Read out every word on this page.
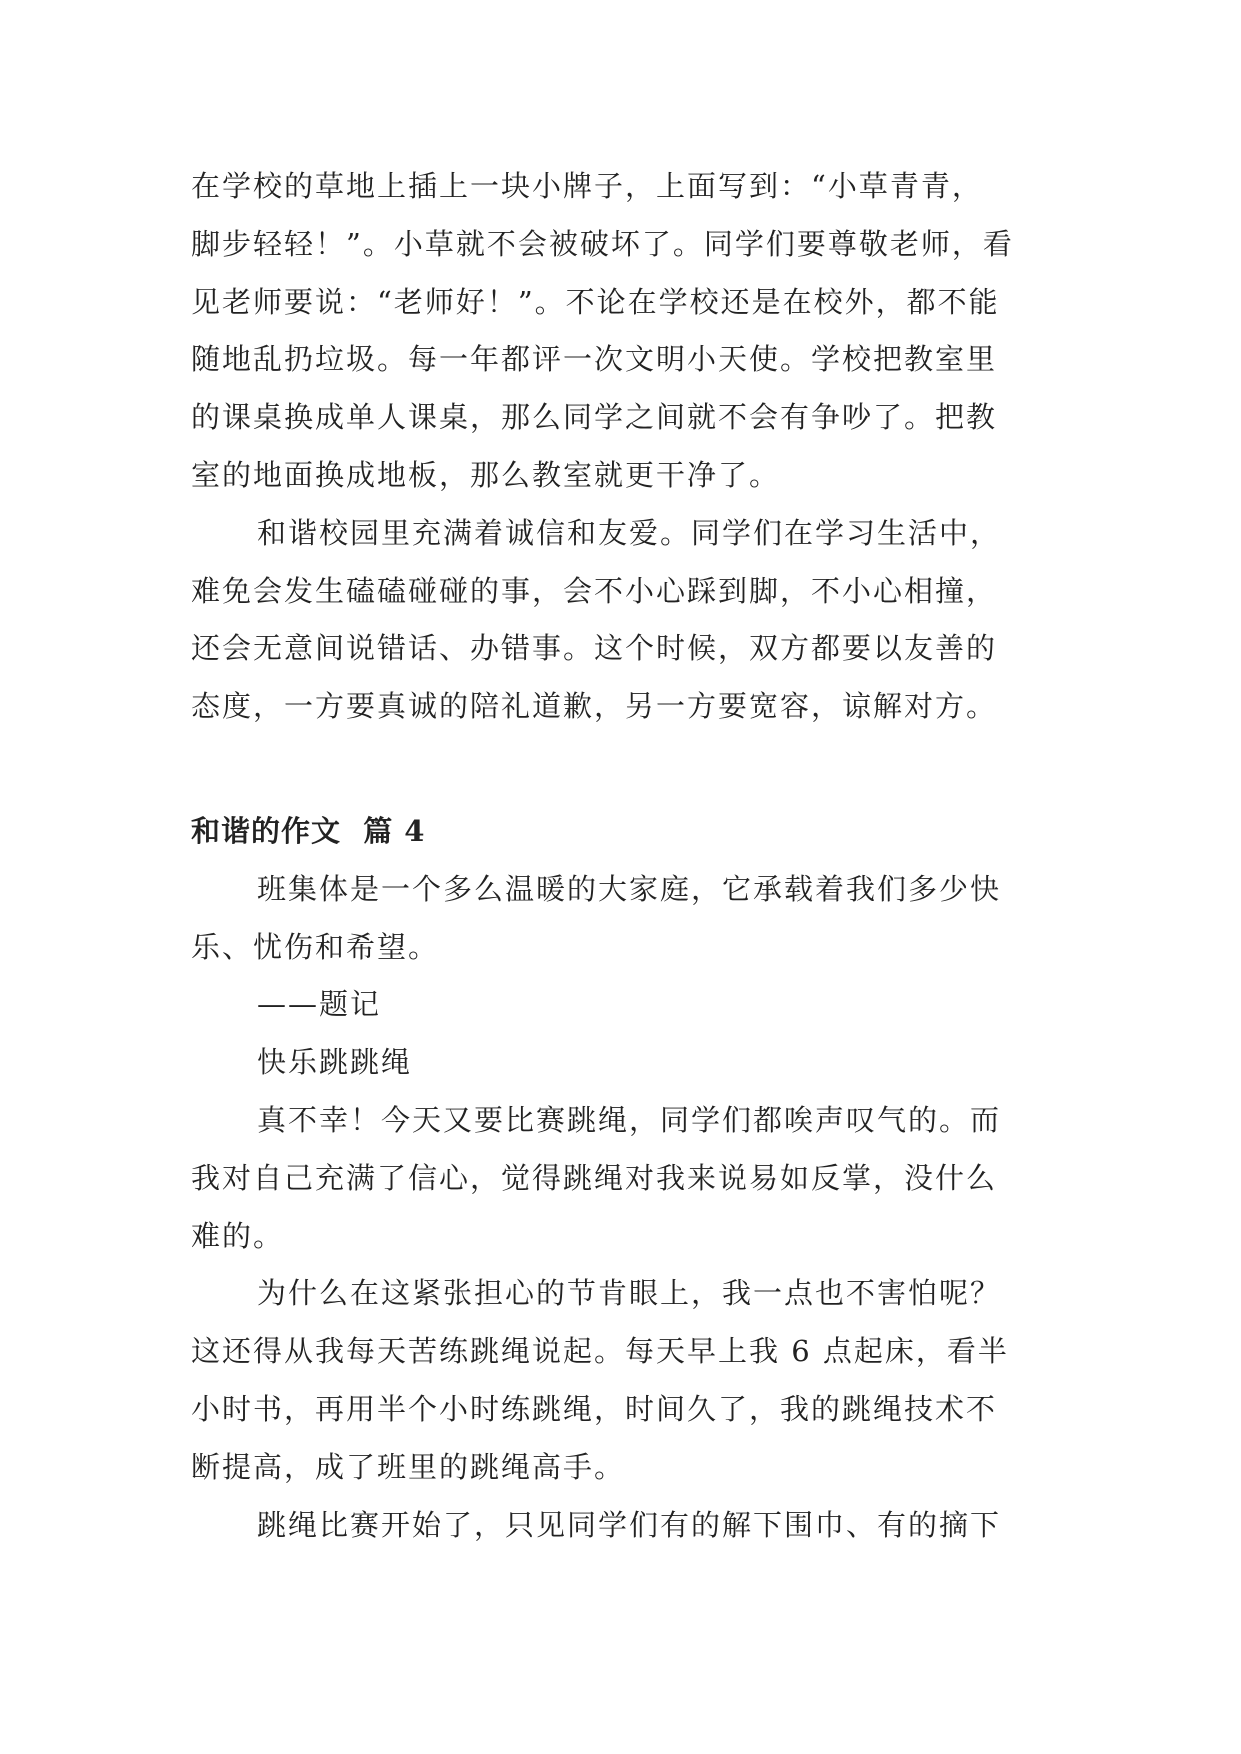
在学校的草地上插上一块小牌子，上面写到：“小草青青，

脚步轻轻！”。小草就不会被破坏了。同学们要尊敬老师，看

见老师要说：“老师好！”。不论在学校还是在校外，都不能

随地乱扔垃圾。每一年都评一次文明小天使。学校把教室里

的课桌换成单人课桌，那么同学之间就不会有争吵了。把教

室的地面换成地板，那么教室就更干净了。

和谐校园里充满着诚信和友爱。同学们在学习生活中，

难免会发生磕磕碰碰的事，会不小心踩到脚，不小心相撞，

还会无意间说错话、办错事。这个时候，双方都要以友善的

态度，一方要真诚的陪礼道歉，另一方要宽容，谅解对方。

和谐的作文  篇 4

班集体是一个多么温暖的大家庭，它承载着我们多少快

乐、忧伤和希望。

——题记

快乐跳跳绳

真不幸！今天又要比赛跳绳，同学们都唉声叹气的。而

我对自己充满了信心，觉得跳绳对我来说易如反掌，没什么

难的。

为什么在这紧张担心的节肯眼上，我一点也不害怕呢？

这还得从我每天苦练跳绳说起。每天早上我 6 点起床，看半

小时书，再用半个小时练跳绳，时间久了，我的跳绳技术不

断提高，成了班里的跳绳高手。

跳绳比赛开始了，只见同学们有的解下围巾、有的摘下
